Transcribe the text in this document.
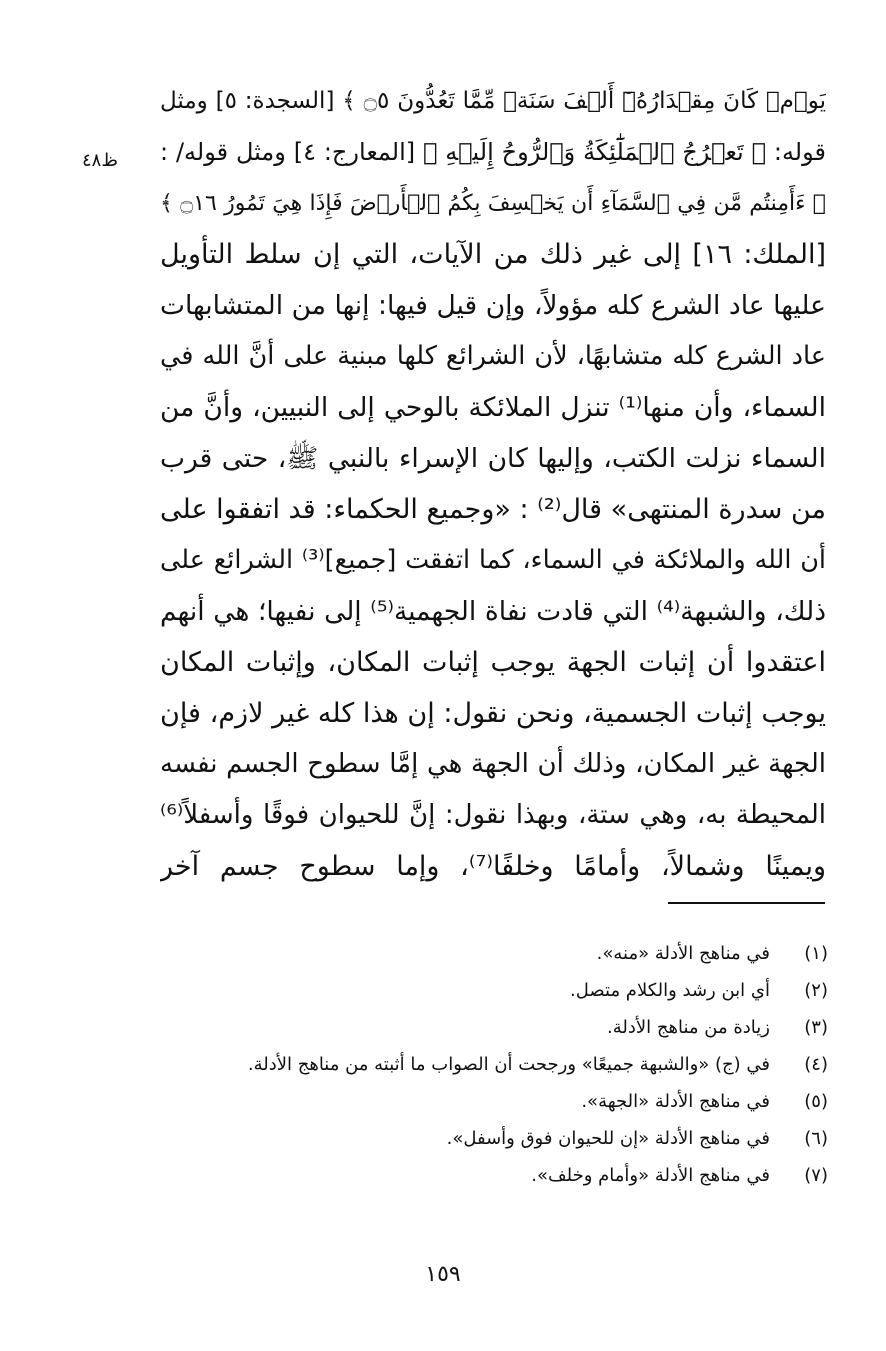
ظ٤٨
يَوۡمٖ كَانَ مِقۡدَارُهُۥٓ أَلۡفَ سَنَةٖ مِّمَّا تَعُدُّونَ ۝٥ ﴾ [السجدة: ٥] ومثل
قوله: ﴿ تَعۡرُجُ ٱلۡمَلَٰٓئِكَةُ وَٱلرُّوحُ إِلَيۡهِ ﴾ [المعارج: ٤] ومثل قوله/ :
﴿ ءَأَمِنتُم مَّن فِي ٱلسَّمَآءِ أَن يَخۡسِفَ بِكُمُ ٱلۡأَرۡضَ فَإِذَا هِيَ تَمُورُ ۝١٦ ﴾
[الملك: ١٦] إلى غير ذلك من الآيات، التي إن سلط التأويل
عليها عاد الشرع كله مؤولاً، وإن قيل فيها: إنها من المتشابهات
عاد الشرع كله متشابهًا، لأن الشرائع كلها مبنية على أنَّ الله في
السماء، وأن منها⁽¹⁾ تنزل الملائكة بالوحي إلى النبيين، وأنَّ من
السماء نزلت الكتب، وإليها كان الإسراء بالنبي ﷺ، حتى قرب
من سدرة المنتهى» قال⁽²⁾ : «وجميع الحكماء: قد اتفقوا على
أن الله والملائكة في السماء، كما اتفقت [جميع]⁽³⁾ الشرائع على
ذلك، والشبهة⁽⁴⁾ التي قادت نفاة الجهمية⁽⁵⁾ إلى نفيها؛ هي أنهم
اعتقدوا أن إثبات الجهة يوجب إثبات المكان، وإثبات المكان
يوجب إثبات الجسمية، ونحن نقول: إن هذا كله غير لازم، فإن
الجهة غير المكان، وذلك أن الجهة هي إمَّا سطوح الجسم نفسه
المحيطة به، وهي ستة، وبهذا نقول: إنَّ للحيوان فوقًا وأسفلاً⁽⁶⁾
ويمينًا وشمالاً، وأمامًا وخلفًا⁽⁷⁾، وإما سطوح جسم آخر
(١)
في مناهج الأدلة «منه».
(٢)
أي ابن رشد والكلام متصل.
(٣)
زيادة من مناهج الأدلة.
(٤)
في (ج) «والشبهة جميعًا» ورجحت أن الصواب ما أثبته من مناهج الأدلة.
(٥)
في مناهج الأدلة «الجهة».
(٦)
في مناهج الأدلة «إن للحيوان فوق وأسفل».
(٧)
في مناهج الأدلة «وأمام وخلف».
١٥٩
